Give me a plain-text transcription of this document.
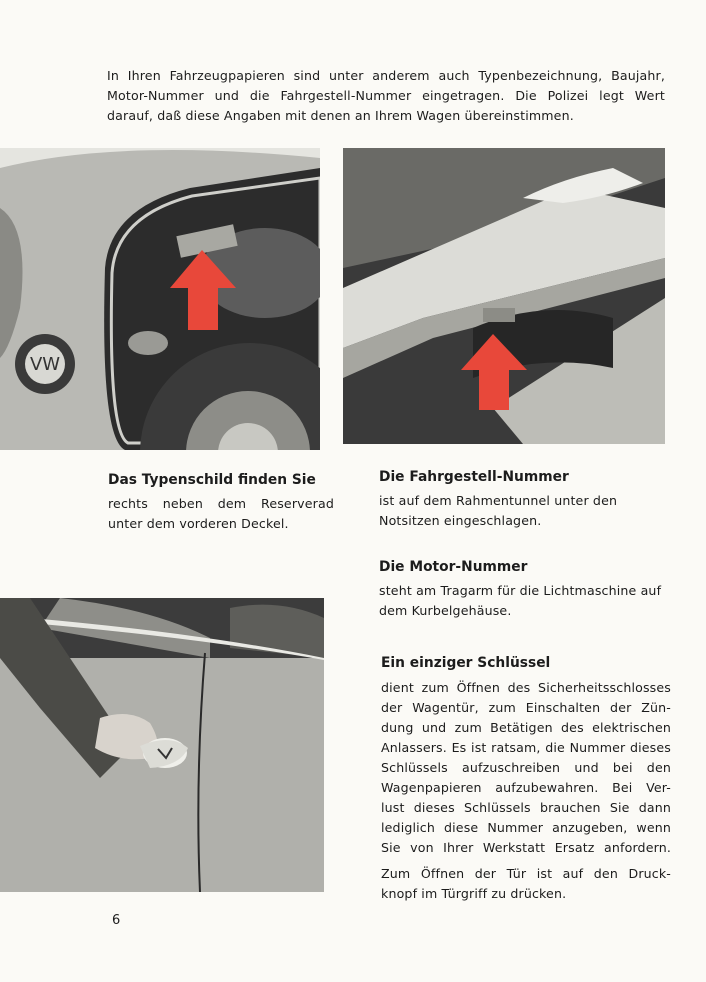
In Ihren Fahrzeugpapieren sind unter anderem auch Typenbezeichnung, Baujahr,
Motor-Nummer und die Fahrgestell-Nummer eingetragen. Die Polizei legt Wert
darauf, daß diese Angaben mit denen an Ihrem Wagen übereinstimmen.
VW
Das Typenschild finden Sie
rechts neben dem Reserverad
unter dem vorderen Deckel.
Die Fahrgestell-Nummer
ist auf dem Rahmentunnel unter den
Notsitzen eingeschlagen.
Die Motor-Nummer
steht am Tragarm für die Lichtmaschine auf
dem Kurbelgehäuse.
Ein einziger Schlüssel
dient zum Öffnen des Sicherheitsschlosses
der Wagentür, zum Einschalten der Zün-
dung und zum Betätigen des elektrischen
Anlassers. Es ist ratsam, die Nummer dieses
Schlüssels aufzuschreiben und bei den
Wagenpapieren aufzubewahren. Bei Ver-
lust dieses Schlüssels brauchen Sie dann
lediglich diese Nummer anzugeben, wenn
Sie von Ihrer Werkstatt Ersatz anfordern.
Zum Öffnen der Tür ist auf den Druck-
knopf im Türgriff zu drücken.
6
